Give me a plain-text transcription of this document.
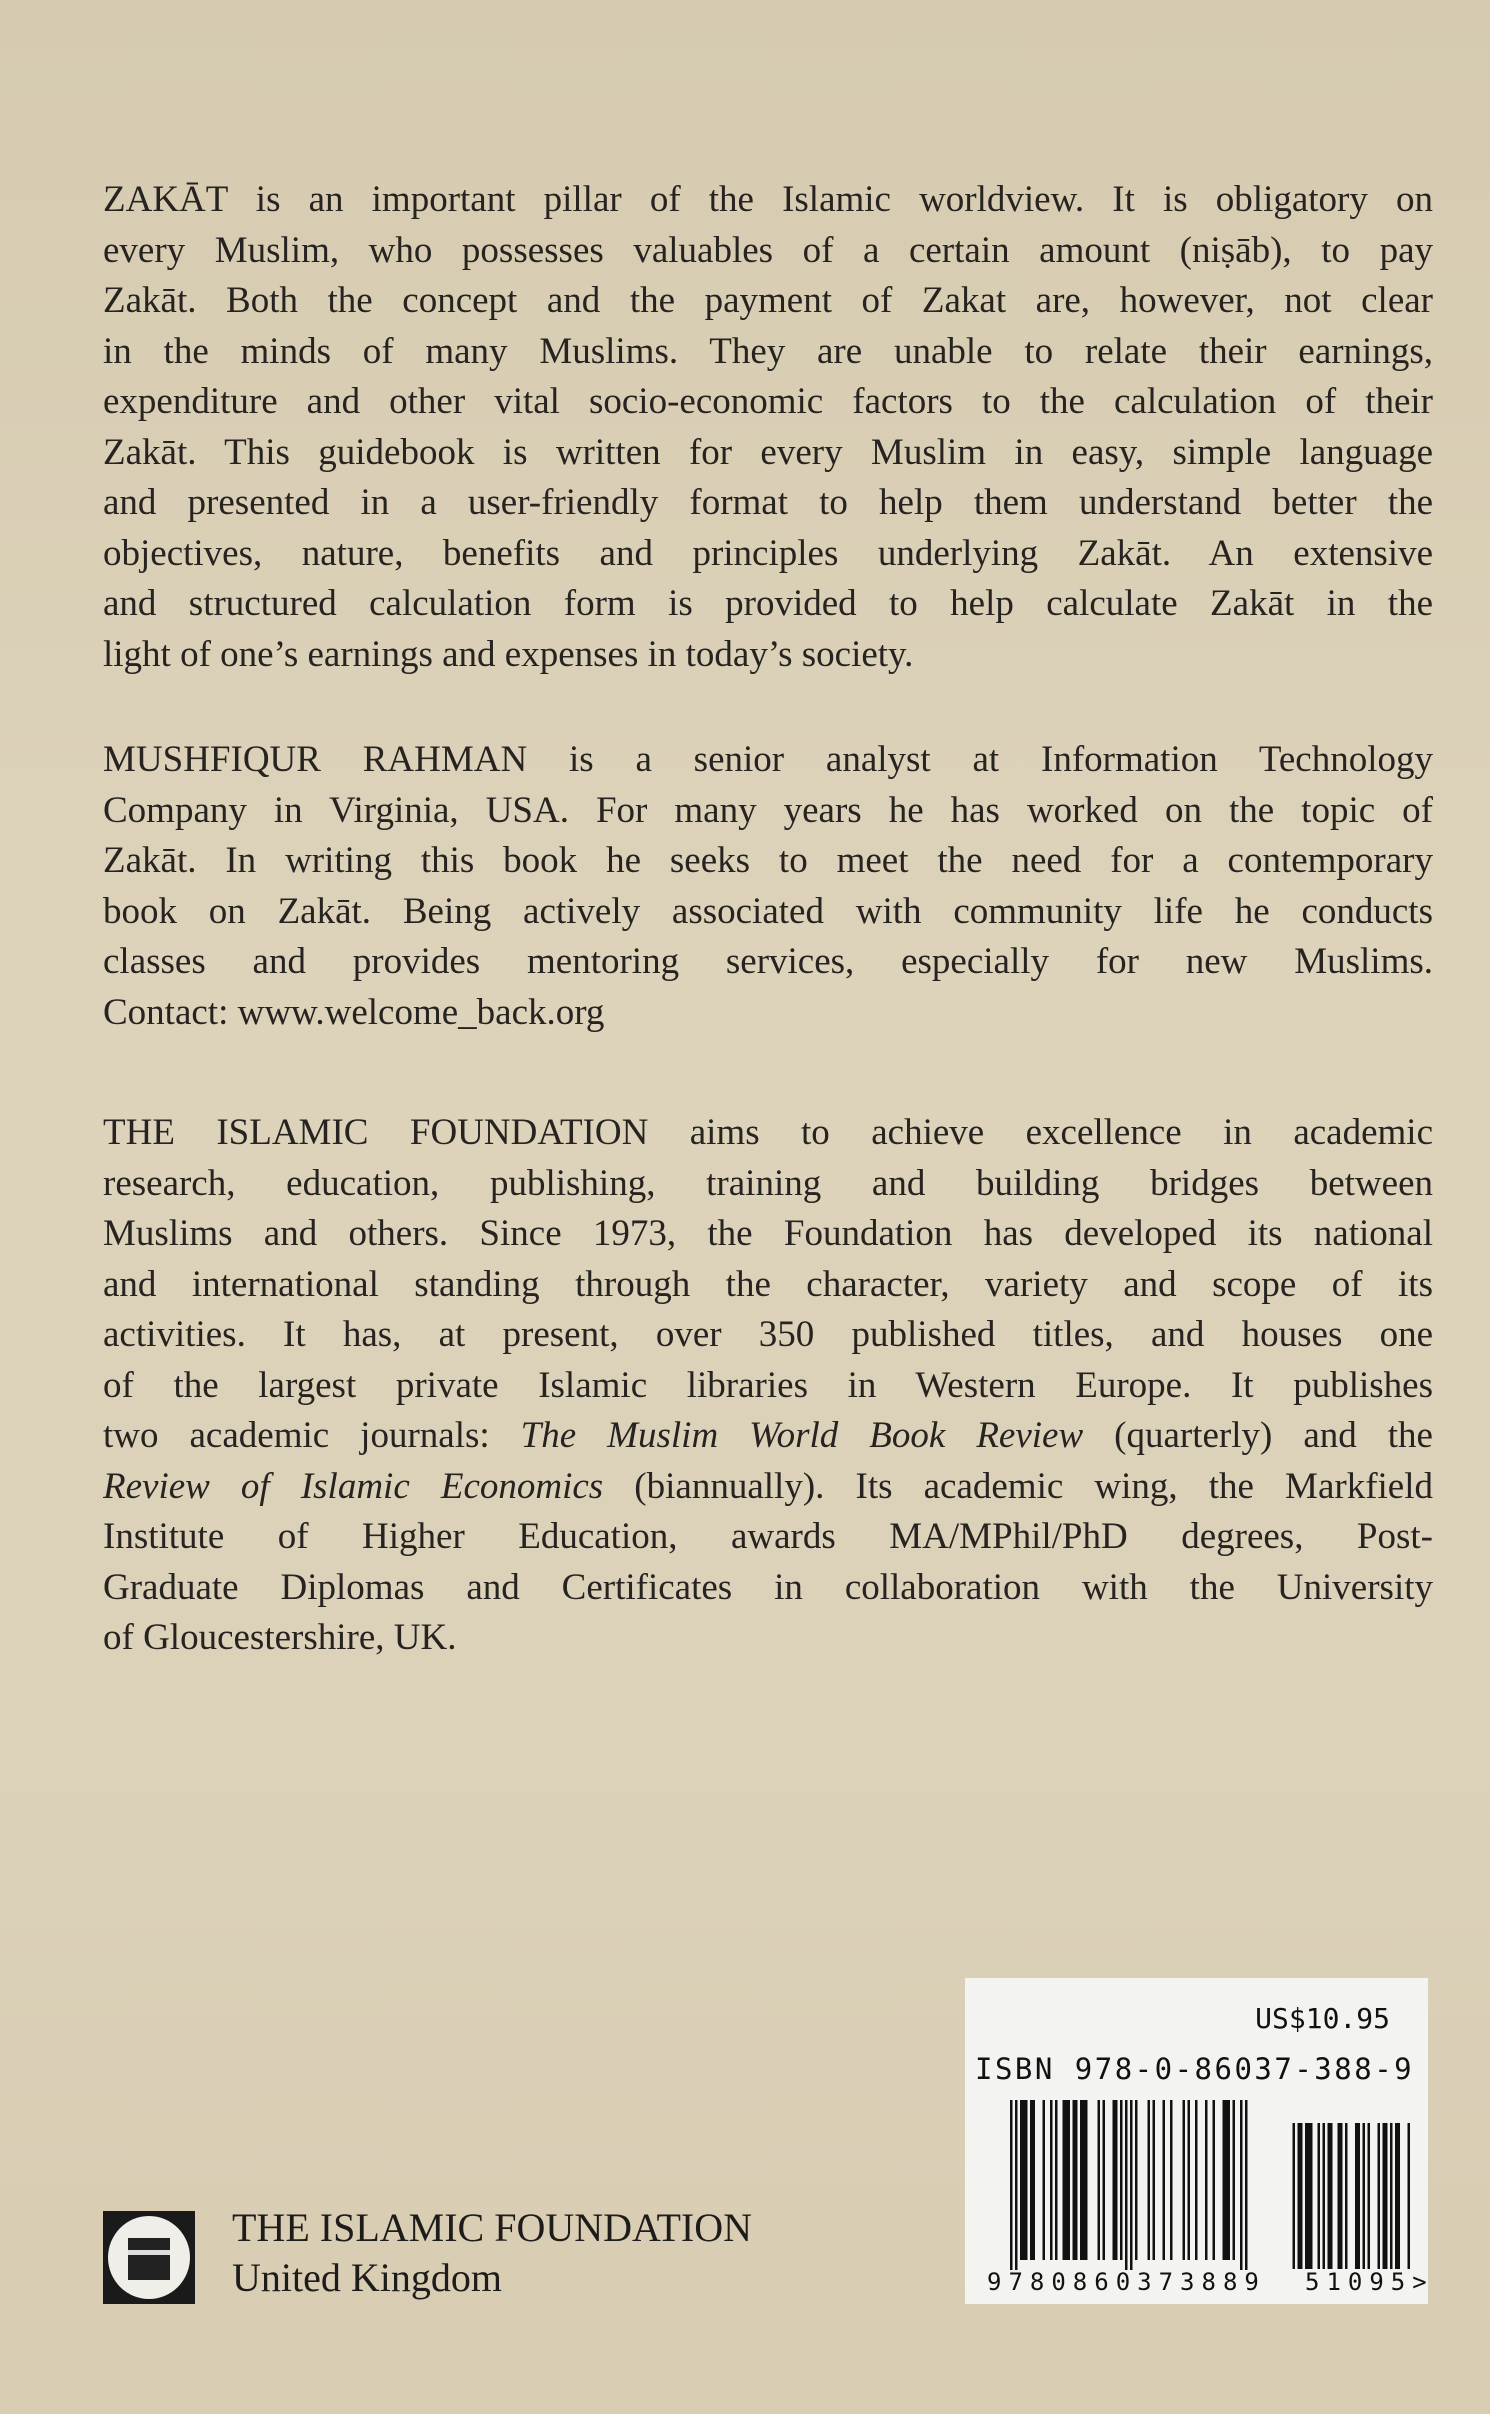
ZAKĀT is an important pillar of the Islamic worldview. It is obligatory on
every Muslim, who possesses valuables of a certain amount (niṣāb), to pay
Zakāt. Both the concept and the payment of Zakat are, however, not clear
in the minds of many Muslims. They are unable to relate their earnings,
expenditure and other vital socio-economic factors to the calculation of their
Zakāt. This guidebook is written for every Muslim in easy, simple language
and presented in a user-friendly format to help them understand better the
objectives, nature, benefits and principles underlying Zakāt. An extensive
and structured calculation form is provided to help calculate Zakāt in the
light of one’s earnings and expenses in today’s society.
MUSHFIQUR RAHMAN is a senior analyst at Information Technology
Company in Virginia, USA. For many years he has worked on the topic of
Zakāt. In writing this book he seeks to meet the need for a contemporary
book on Zakāt. Being actively associated with community life he conducts
classes and provides mentoring services, especially for new Muslims.
Contact: www.welcome_back.org
THE ISLAMIC FOUNDATION aims to achieve excellence in academic
research, education, publishing, training and building bridges between
Muslims and others. Since 1973, the Foundation has developed its national
and international standing through the character, variety and scope of its
activities. It has, at present, over 350 published titles, and houses one
of the largest private Islamic libraries in Western Europe. It publishes
two academic journals: The Muslim World Book Review (quarterly) and the
Review of Islamic Economics (biannually). Its academic wing, the Markfield
Institute of Higher Education, awards MA/MPhil/PhD degrees, Post-
Graduate Diplomas and Certificates in collaboration with the University
of Gloucestershire, UK.
US$10.95
ISBN 978-0-86037-388-9
9780860373889 51095>
THE ISLAMIC FOUNDATION
United Kingdom
